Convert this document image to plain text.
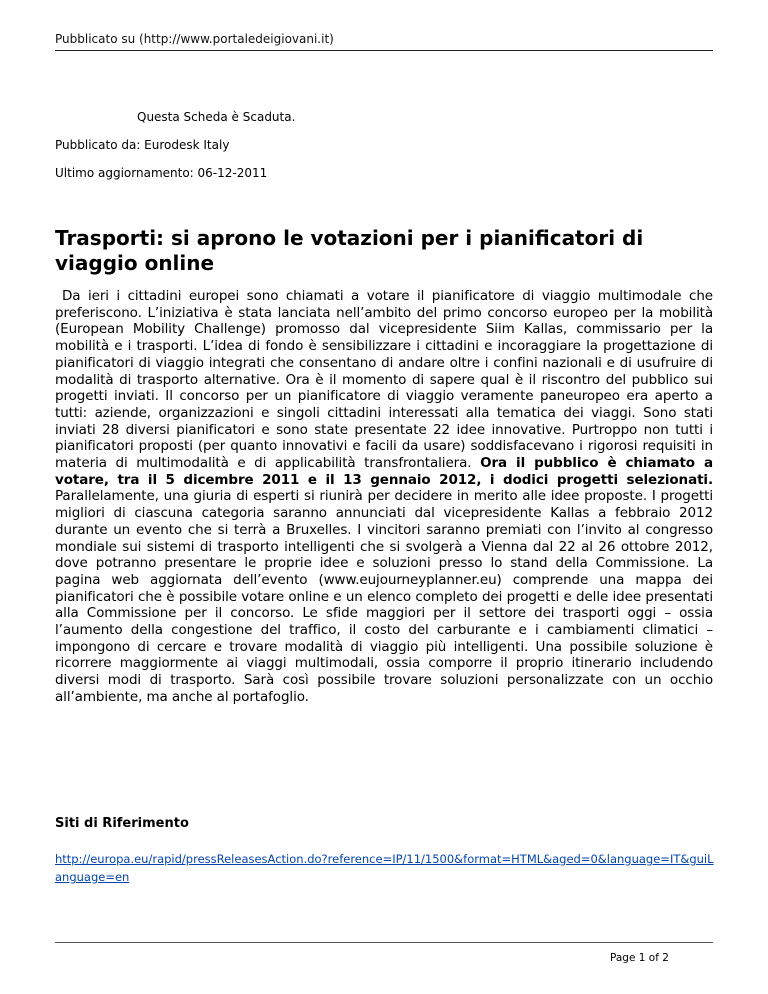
Pubblicato su (http://www.portaledeigiovani.it)
Questa Scheda è Scaduta.
Pubblicato da: Eurodesk Italy
Ultimo aggiornamento: 06-12-2011
Trasporti: si aprono le votazioni per i pianificatori di viaggio online

Da ieri i cittadini europei sono chiamati a votare il pianificatore di viaggio multimodale che preferiscono. L’iniziativa è stata lanciata nell’ambito del primo concorso europeo per la mobilità (European Mobility Challenge) promosso dal vicepresidente Siim Kallas, commissario per la mobilità e i trasporti. L’idea di fondo è sensibilizzare i cittadini e incoraggiare la progettazione di pianificatori di viaggio integrati che consentano di andare oltre i confini nazionali e di usufruire di modalità di trasporto alternative. Ora è il momento di sapere qual è il riscontro del pubblico sui progetti inviati. Il concorso per un pianificatore di viaggio veramente paneuropeo era aperto a tutti: aziende, organizzazioni e singoli cittadini interessati alla tematica dei viaggi. Sono stati inviati 28 diversi pianificatori e sono state presentate 22 idee innovative. Purtroppo non tutti i pianificatori proposti (per quanto innovativi e facili da usare) soddisfacevano i rigorosi requisiti in materia di multimodalità e di applicabilità transfrontaliera. Ora il pubblico è chiamato a votare, tra il 5 dicembre 2011 e il 13 gennaio 2012, i dodici progetti selezionati. Parallelamente, una giuria di esperti si riunirà per decidere in merito alle idee proposte. I progetti migliori di ciascuna categoria saranno annunciati dal vicepresidente Kallas a febbraio 2012 durante un evento che si terrà a Bruxelles. I vincitori saranno premiati con l’invito al congresso mondiale sui sistemi di trasporto intelligenti che si svolgerà a Vienna dal 22 al 26 ottobre 2012, dove potranno presentare le proprie idee e soluzioni presso lo stand della Commissione. La pagina web aggiornata dell’evento (www.eujourneyplanner.eu) comprende una mappa dei pianificatori che è possibile votare online e un elenco completo dei progetti e delle idee presentati alla Commissione per il concorso. Le sfide maggiori per il settore dei trasporti oggi – ossia l’aumento della congestione del traffico, il costo del carburante e i cambiamenti climatici – impongono di cercare e trovare modalità di viaggio più intelligenti. Una possibile soluzione è ricorrere maggiormente ai viaggi multimodali, ossia comporre il proprio itinerario includendo diversi modi di trasporto. Sarà così possibile trovare soluzioni personalizzate con un occhio all’ambiente, ma anche al portafoglio.

Siti di Riferimento
http://europa.eu/rapid/pressReleasesAction.do?reference=IP/11/1500&format=HTML&aged=0&language=IT&guiLanguage=en
Page 1 of 2
